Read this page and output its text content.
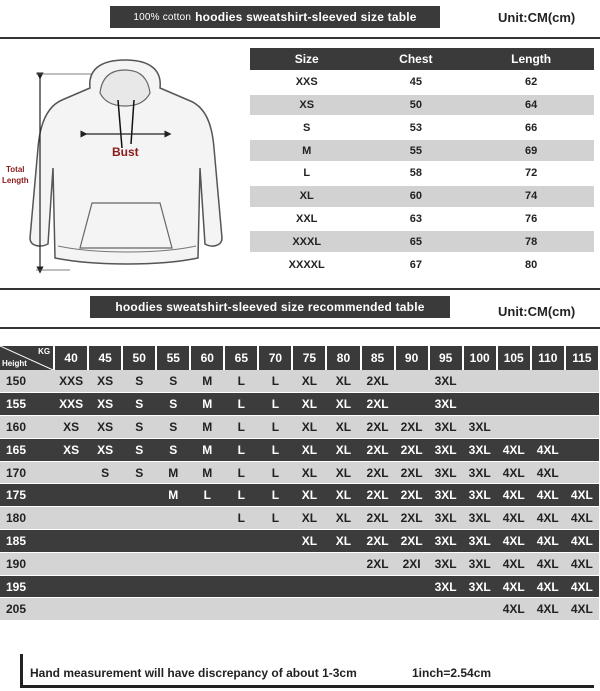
100% cotton hoodies sweatshirt-sleeved size table	Unit:CM(cm)
Bust
Total
Length
Size	Chest	Length
XXS	45	62
XS	50	64
S	53	66
M	55	69
L	58	72
XL	60	74
XXL	63	76
XXXL	65	78
XXXXL	67	80
hoodies sweatshirt-sleeved size recommended table	Unit:CM(cm)
KG
Height	40	45	50	55	60	65	70	75	80	85	90	95	100	105	110	115
150	XXS	XS	S	S	M	L	L	XL	XL	2XL		3XL				
155	XXS	XS	S	S	M	L	L	XL	XL	2XL		3XL				
160	XS	XS	S	S	M	L	L	XL	XL	2XL	2XL	3XL	3XL			
165	XS	XS	S	S	M	L	L	XL	XL	2XL	2XL	3XL	3XL	4XL	4XL	
170		S	S	M	M	L	L	XL	XL	2XL	2XL	3XL	3XL	4XL	4XL	
175				M	L	L	L	XL	XL	2XL	2XL	3XL	3XL	4XL	4XL	4XL
180						L	L	XL	XL	2XL	2XL	3XL	3XL	4XL	4XL	4XL
185								XL	XL	2XL	2XL	3XL	3XL	4XL	4XL	4XL
190										2XL	2XI	3XL	3XL	4XL	4XL	4XL
195												3XL	3XL	4XL	4XL	4XL
205														4XL	4XL	4XL
Hand measurement will have discrepancy of about 1-3cm	1inch=2.54cm
